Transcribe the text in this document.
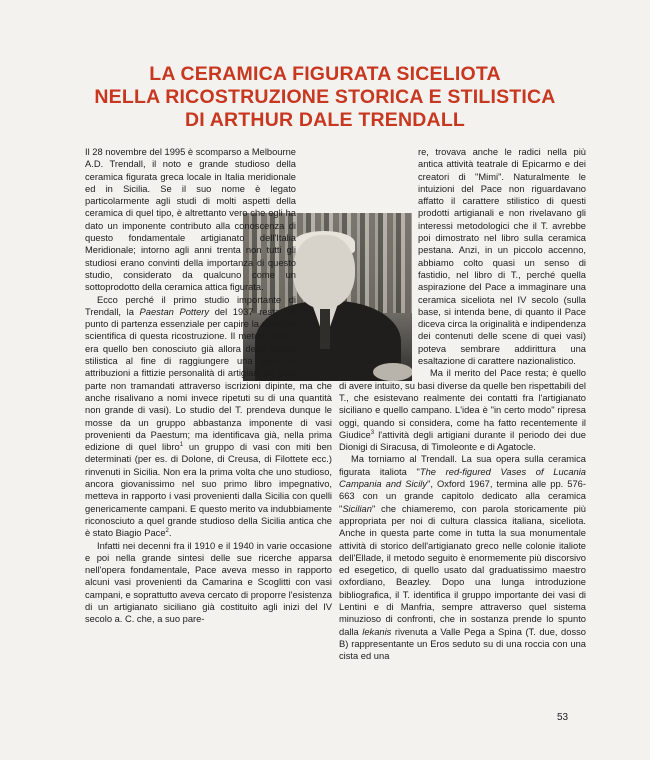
LA CERAMICA FIGURATA SICELIOTA
NELLA RICOSTRUZIONE STORICA E STILISTICA
DI ARTHUR DALE TRENDALL

Il 28 novembre del 1995 è scomparso a Melbourne A.D. Trendall, il noto e grande studioso della ceramica figurata greca locale in Italia meridionale ed in Sicilia. Se il suo nome è legato particolarmente agli studi di molti aspetti della ceramica di quel tipo, è altrettanto vero che egli ha dato un imponente contributo alla conoscenza di questo fondamentale artigianato dell'Italia Meridionale; intorno agli anni trenta non tutti gli studiosi erano convinti della importanza di questo studio, considerato da qualcuno come un sottoprodotto della ceramica attica figurata.

Ecco perché il primo studio importante di Trendall, la Paestan Pottery del 1937 resta un punto di partenza essenziale per capire la struttura scientifica di questa ricostruzione. Il metodo del T. era quello ben conosciuto già allora della analisi stilistica al fine di raggiungere una serie di attribuzioni a fittizie personalità di artigiani (in gran parte non tramandati attraverso iscrizioni dipinte, ma che anche risalivano a nomi invece ripetuti su di una quantità non grande di vasi). Lo studio del T. prendeva dunque le mosse da un gruppo abbastanza imponente di vasi provenienti da Paestum; ma identificava già, nella prima edizione di quel libro$^1$ un gruppo di vasi con miti ben determinati (per es. di Dolone, di Creusa, di Filottete ecc.) rinvenuti in Sicilia. Non era la prima volta che uno studioso, ancora giovanissimo nel suo primo libro impegnativo, metteva in rapporto i vasi provenienti dalla Sicilia con quelli genericamente campani. E questo merito va indubbiamente riconosciuto a quel grande studioso della Sicilia antica che è stato Biagio Pace$^2$.

Infatti nei decenni fra il 1910 e il 1940 in varie occasione e poi nella grande sintesi delle sue ricerche apparsa nell'opera fondamentale, Pace aveva messo in rapporto alcuni vasi provenienti da Camarina e Scoglitti con vasi campani, e soprattutto aveva cercato di proporre l'esistenza di un artigianato siciliano già costituito agli inizi del IV secolo a. C. che, a suo pare-

re, trovava anche le radici nella più antica attività teatrale di Epicarmo e dei creatori di "Mimi". Naturalmente le intuizioni del Pace non riguardavano affatto il carattere stilistico di questi prodotti artigianali e non rivelavano gli interessi metodologici che il T. avrebbe poi dimostrato nel libro sulla ceramica pestana. Anzi, in un piccolo accenno, abbiamo colto quasi un senso di fastidio, nel libro di T., perché quella aspirazione del Pace a immaginare una ceramica siceliota nel IV secolo (sulla base, si intenda bene, di quanto il Pace diceva circa la originalità e indipendenza dei contenuti delle scene di quei vasi) poteva sembrare addirittura una esaltazione di carattere nazionalistico.

Ma il merito del Pace resta; è quello di avere intuito, su basi diverse da quelle ben rispettabili del T., che esistevano realmente dei contatti fra l'artigianato siciliano e quello campano. L'idea è "in certo modo" ripresa oggi, quando si considera, come ha fatto recentemente il Giudice$^3$ l'attività degli artigiani durante il periodo dei due Dionigi di Siracusa, di Timoleonte e di Agatocle.

Ma torniamo al Trendall. La sua opera sulla ceramica figurata italiota "The red-figured Vases of Lucania Campania and Sicily", Oxford 1967, termina alle pp. 576-663 con un grande capitolo dedicato alla ceramica "Sicilian" che chiameremo, con parola storicamente più appropriata per noi di cultura classica italiana, siceliota. Anche in questa parte come in tutta la sua monumentale attività di storico dell'artigianato greco nelle colonie italiote dell'Ellade, il metodo seguito è enormemente più discorsivo ed esegetico, di quello usato dal graduatissimo maestro oxfordiano, Beazley. Dopo una lunga introduzione bibliografica, il T. identifica il gruppo importante dei vasi di Lentini e di Manfria, sempre attraverso quel sistema minuzioso di confronti, che in sostanza prende lo spunto dalla lekanis rivenuta a Valle Pega a Spina (T. due, dosso B) rappresentante un Eros seduto su di una roccia con una cista ed una

53
